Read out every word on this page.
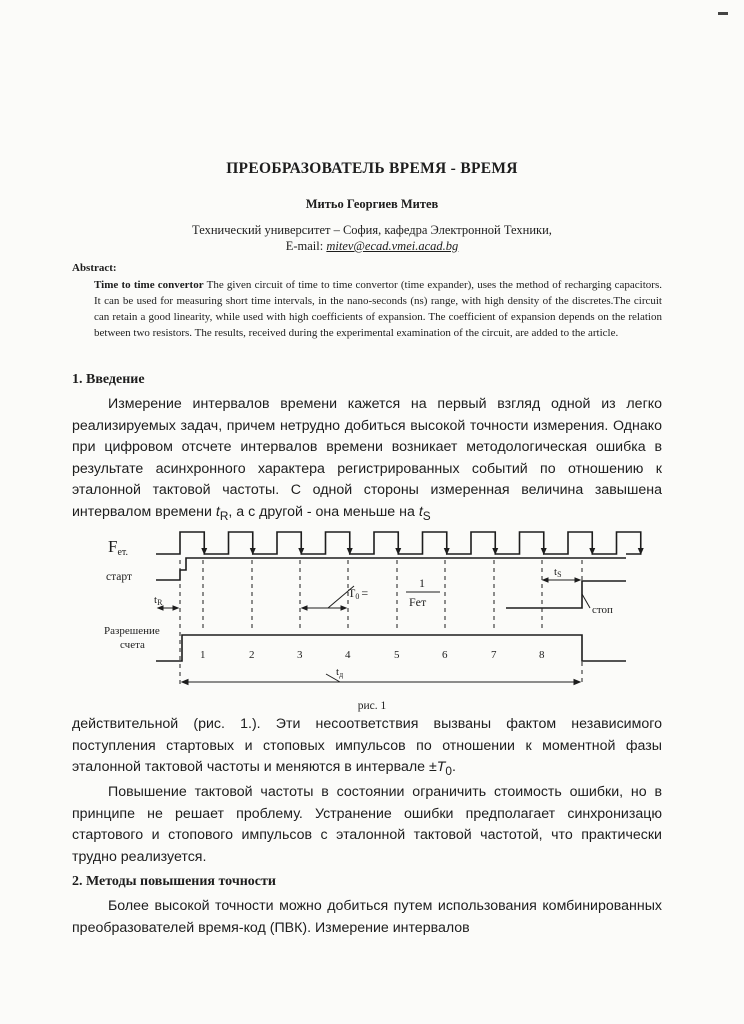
ПРЕОБРАЗОВАТЕЛЬ ВРЕМЯ - ВРЕМЯ
Митьо Георгиев Митев
Технический университет – София, кафедра Электронной Техники,
E-mail: mitev@ecad.vmei.acad.bg
Abstract:
Time to time convertor The given circuit of time to time convertor (time expander), uses the method of recharging capacitors. It can be used for measuring short time intervals, in the nano-seconds (ns) range, with high density of the discretes.The circuit can retain a good linearity, while used with high coefficients of expansion. The coefficient of expansion depends on the relation between two resistors. The results, received during the experimental examination of the circuit, are added to the article.
1. Введение

Измерение интервалов времени кажется на первый взгляд одной из легко реализируемых задач, причем нетрудно добиться высокой точности измерения. Однако при цифровом отсчете интервалов времени возникает методологическая ошибка в результате асинхронного характера регистрированных событий по отношению к эталонной тактовой частоты. С одной стороны измеренная величина завышена интервалом времени $t_R$, а с другой - она меньше на $t_S$

Fет.
старт
tR
Разрешение
счета
T0 =
1
Fет
tS
стоп
tд
1	2	3	4	5	6	7	8
рис. 1

действительной (рис. 1.). Эти несоответствия вызваны фактом независимого поступления стартовых и стоповых импульсов по отношении к моментной фазы эталонной тактовой частоты и меняются в интервале $\pm T_0$.

Повышение тактовой частоты в состоянии ограничить стоимость ошибки, но в принципе не решает проблему. Устранение ошибки предполагает синхронизацю стартового и стопового импульсов с эталонной тактовой частотой, что практически трудно реализуется.

2. Методы повышения точности

Более высокой точности можно добиться путем использования комбинированных преобразователей время-код (ПВК). Измерение интервалов
